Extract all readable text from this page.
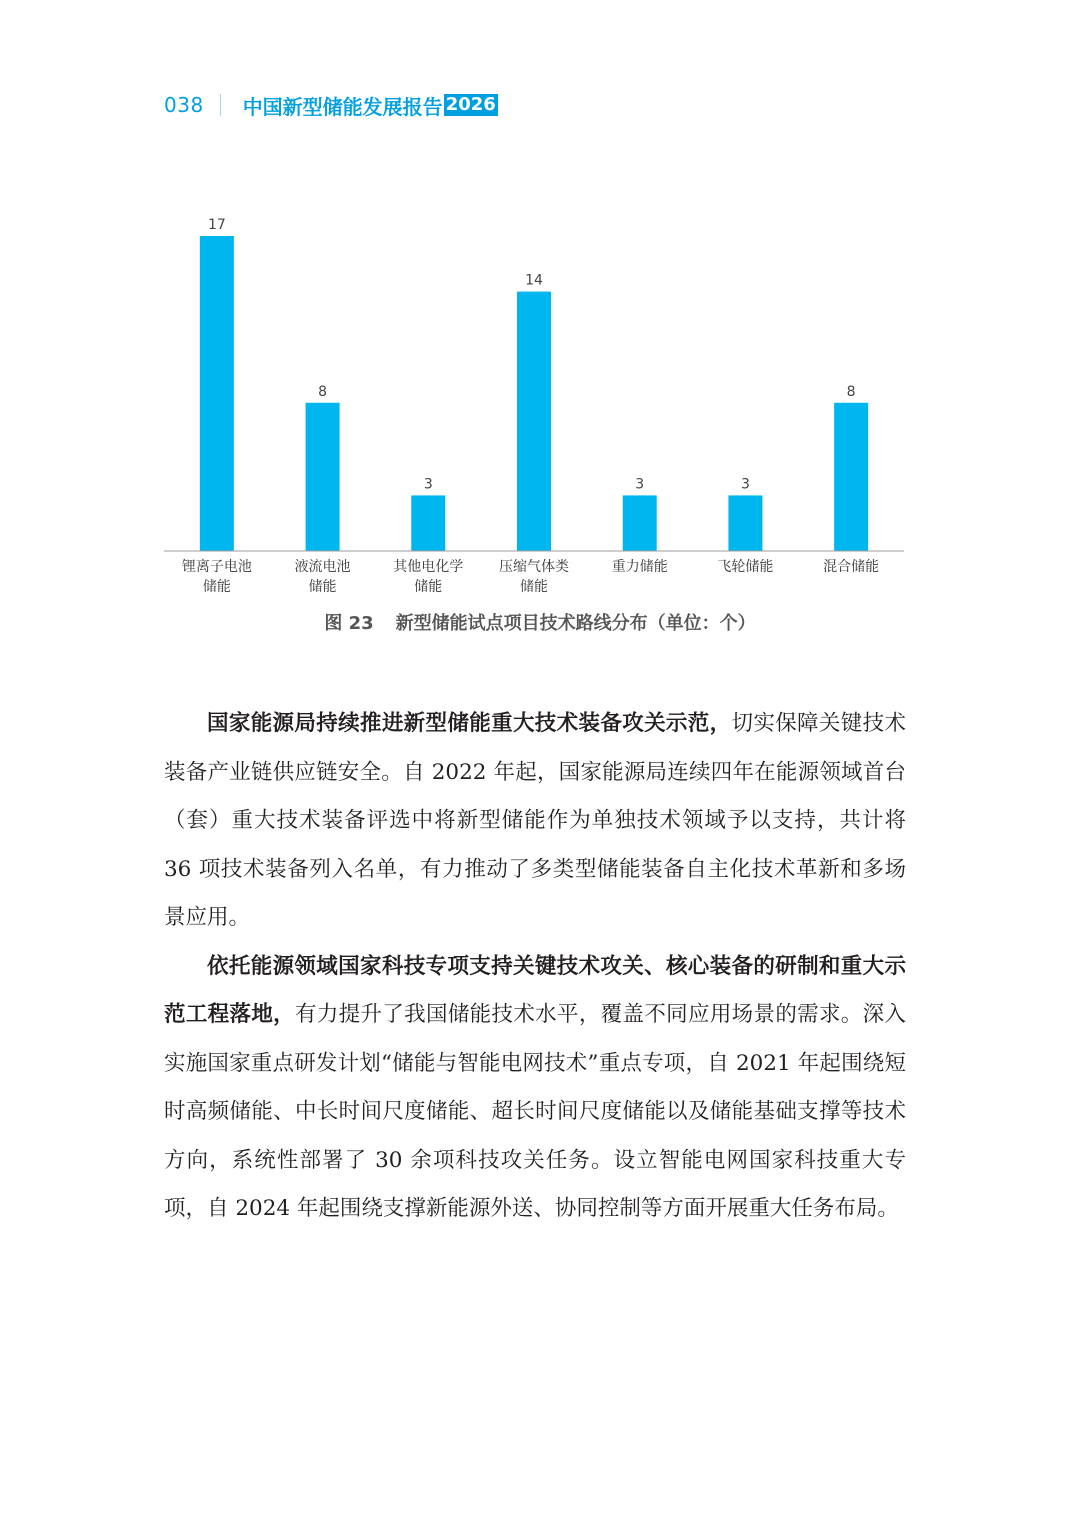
038 中国新型储能发展报告 2026
17
锂离子电池
储能
8
液流电池
储能
3
其他电化学
储能
14
压缩气体类
储能
3
重力储能
3
飞轮储能
8
混合储能
图 23 新型储能试点项目技术路线分布（单位：个）

国家能源局持续推进新型储能重大技术装备攻关示范，切实保障关键技术装备产业链供应链安全。自 2022 年起，国家能源局连续四年在能源领域首台（套）重大技术装备评选中将新型储能作为单独技术领域予以支持，共计将 36 项技术装备列入名单，有力推动了多类型储能装备自主化技术革新和多场景应用。

依托能源领域国家科技专项支持关键技术攻关、核心装备的研制和重大示范工程落地，有力提升了我国储能技术水平，覆盖不同应用场景的需求。深入实施国家重点研发计划“储能与智能电网技术”重点专项，自 2021 年起围绕短时高频储能、中长时间尺度储能、超长时间尺度储能以及储能基础支撑等技术方向，系统性部署了 30 余项科技攻关任务。设立智能电网国家科技重大专项，自 2024 年起围绕支撑新能源外送、协同控制等方面开展重大任务布局。
